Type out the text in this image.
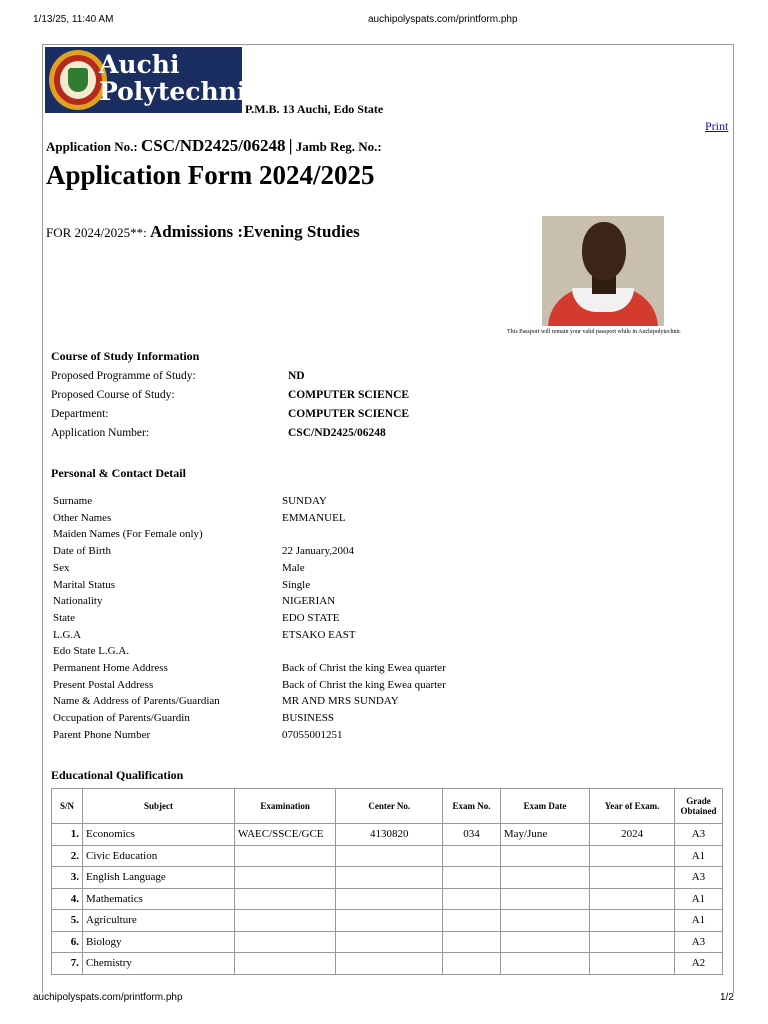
1/13/25, 11:40 AM	auchipolyspats.com/printform.php
Auchi
Polytechnic
P.M.B. 13 Auchi, Edo State
Print
Application No.: CSC/ND2425/06248 | Jamb Reg. No.:
Application Form 2024/2025
FOR 2024/2025**: Admissions :Evening Studies
This Passport will remain your valid passport while in Auchipolytechnic
Course of Study Information
Proposed Programme of Study:	ND
Proposed Course of Study:	COMPUTER SCIENCE
Department:	COMPUTER SCIENCE
Application Number:	CSC/ND2425/06248
Personal & Contact Detail
Surname	SUNDAY
Other Names	EMMANUEL
Maiden Names (For Female only)
Date of Birth	22 January,2004
Sex	Male
Marital Status	Single
Nationality	NIGERIAN
State	EDO STATE
L.G.A	ETSAKO EAST
Edo State L.G.A.
Permanent Home Address	Back of Christ the king Ewea quarter
Present Postal Address	Back of Christ the king Ewea quarter
Name & Address of Parents/Guardian	MR AND MRS SUNDAY
Occupation of Parents/Guardin	BUSINESS
Parent Phone Number	07055001251
Educational Qualification
S/N	Subject	Examination	Center No.	Exam No.	Exam Date	Year of Exam.	Grade Obtained
1.	Economics	WAEC/SSCE/GCE	4130820	034	May/June	2024	A3
2.	Civic Education						A1
3.	English Language						A3
4.	Mathematics						A1
5.	Agriculture						A1
6.	Biology						A3
7.	Chemistry						A2
auchipolyspats.com/printform.php	1/2
